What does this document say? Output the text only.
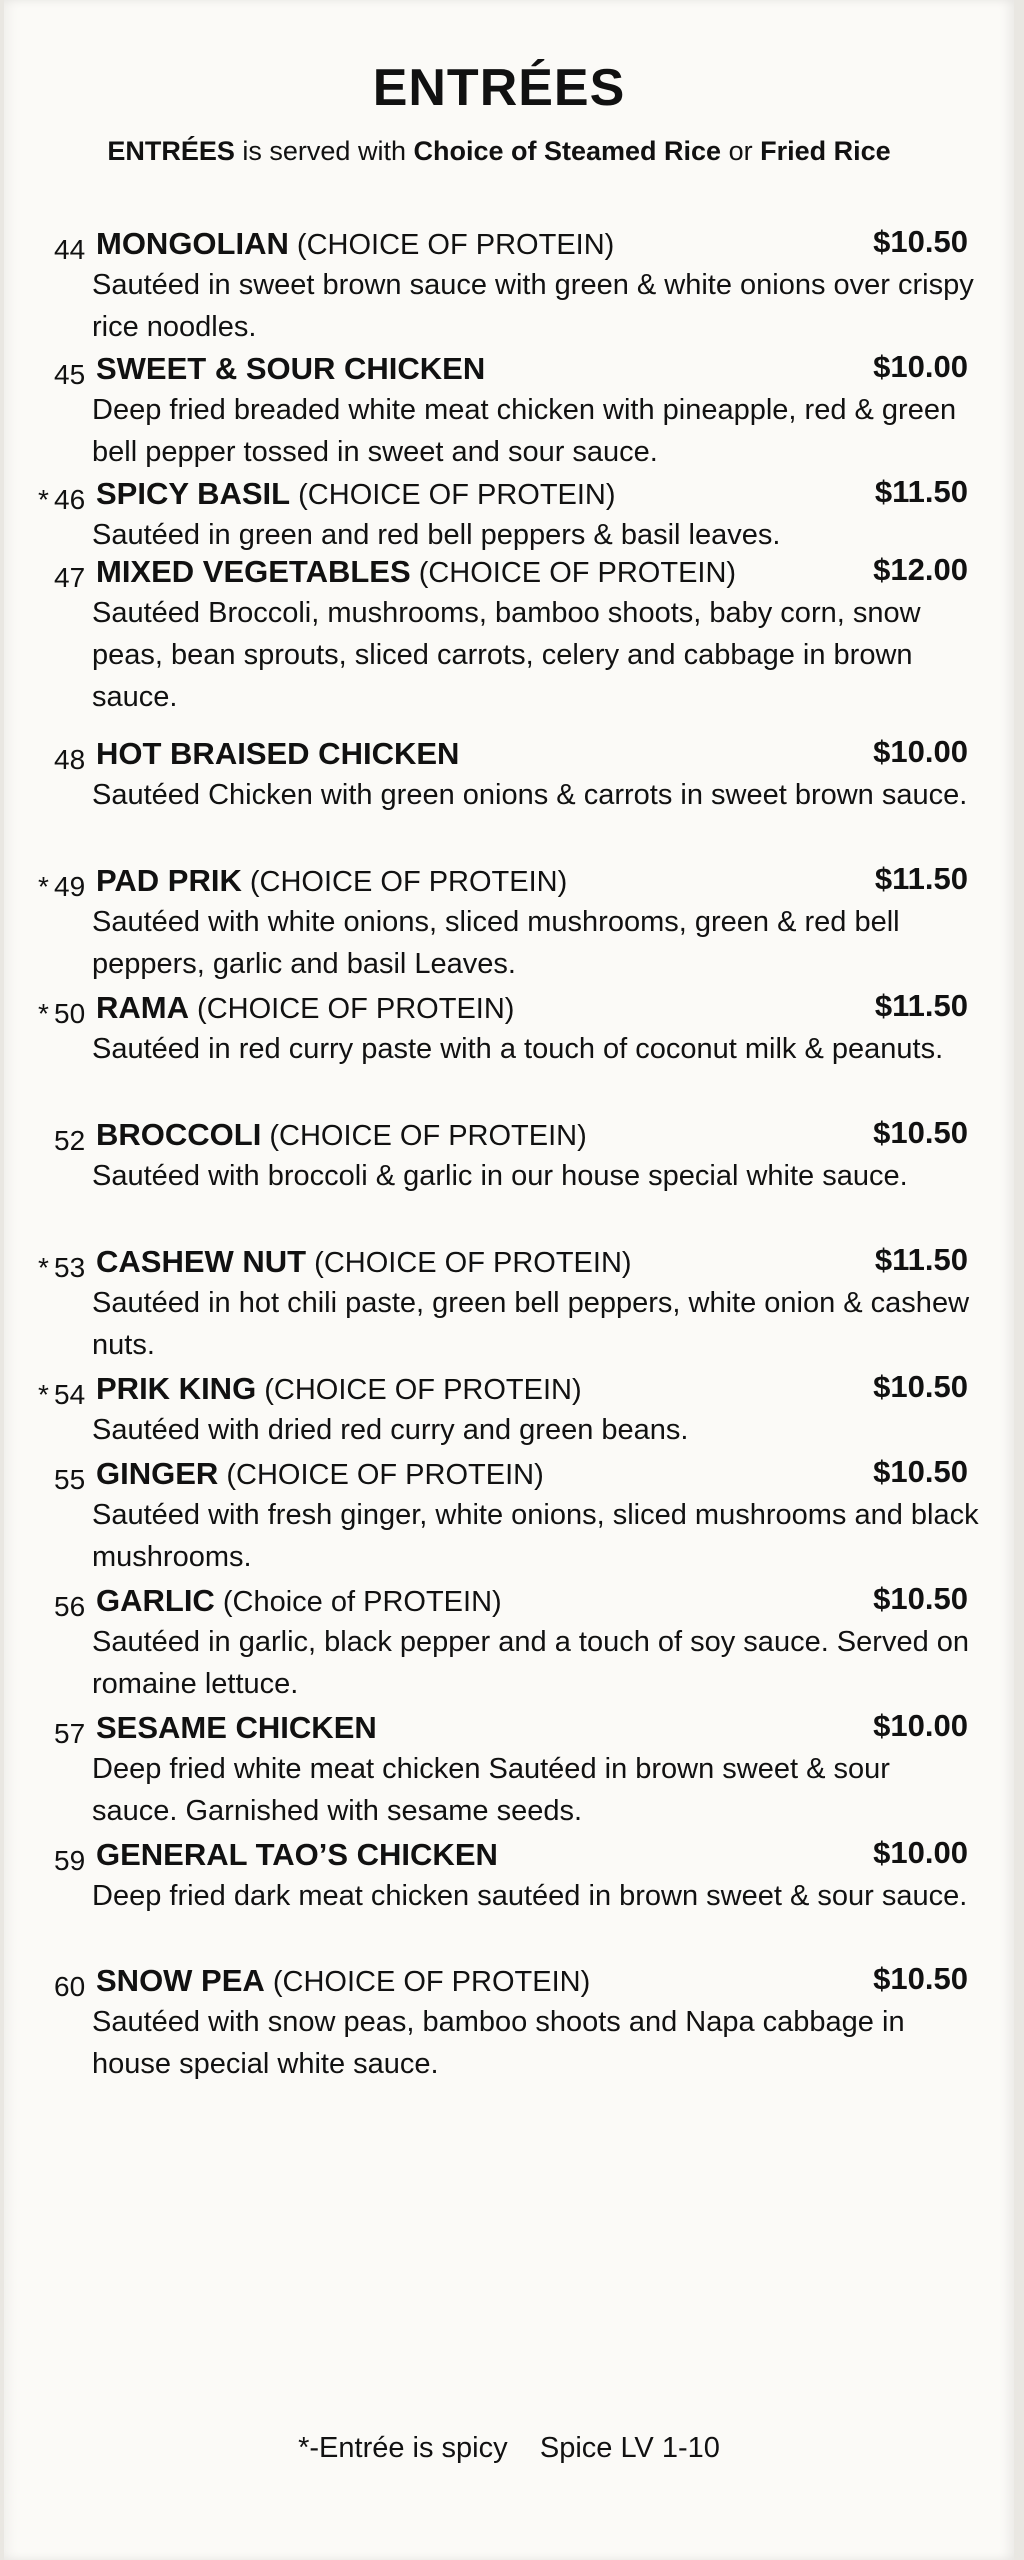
ENTRÉES
ENTRÉES is served with Choice of Steamed Rice or Fried Rice
44 MONGOLIAN (CHOICE OF PROTEIN)	$10.50
Sautéed in sweet brown sauce with green & white onions over crispy rice noodles.
45 SWEET & SOUR CHICKEN	$10.00
Deep fried breaded white meat chicken with pineapple, red & green bell pepper tossed in sweet and sour sauce.
* 46 SPICY BASIL (CHOICE OF PROTEIN)	$11.50
Sautéed in green and red bell peppers & basil leaves.
47 MIXED VEGETABLES (CHOICE OF PROTEIN)	$12.00
Sautéed Broccoli, mushrooms, bamboo shoots, baby corn, snow peas, bean sprouts, sliced carrots, celery and cabbage in brown sauce.
48 HOT BRAISED CHICKEN	$10.00
Sautéed Chicken with green onions & carrots in sweet brown sauce.
* 49 PAD PRIK (CHOICE OF PROTEIN)	$11.50
Sautéed with white onions, sliced mushrooms, green & red bell peppers, garlic and basil Leaves.
* 50 RAMA (CHOICE OF PROTEIN)	$11.50
Sautéed in red curry paste with a touch of coconut milk & peanuts.
52 BROCCOLI (CHOICE OF PROTEIN)	$10.50
Sautéed with broccoli & garlic in our house special white sauce.
* 53 CASHEW NUT (CHOICE OF PROTEIN)	$11.50
Sautéed in hot chili paste, green bell peppers, white onion & cashew nuts.
* 54 PRIK KING (CHOICE OF PROTEIN)	$10.50
Sautéed with dried red curry and green beans.
55 GINGER (CHOICE OF PROTEIN)	$10.50
Sautéed with fresh ginger, white onions, sliced mushrooms and black mushrooms.
56 GARLIC (Choice of PROTEIN)	$10.50
Sautéed in garlic, black pepper and a touch of soy sauce. Served on romaine lettuce.
57 SESAME CHICKEN	$10.00
Deep fried white meat chicken Sautéed in brown sweet & sour sauce. Garnished with sesame seeds.
59 GENERAL TAO’S CHICKEN	$10.00
Deep fried dark meat chicken sautéed in brown sweet & sour sauce.
60 SNOW PEA (CHOICE OF PROTEIN)	$10.50
Sautéed with snow peas, bamboo shoots and Napa cabbage in house special white sauce.
*-Entrée is spicy Spice LV 1-10
